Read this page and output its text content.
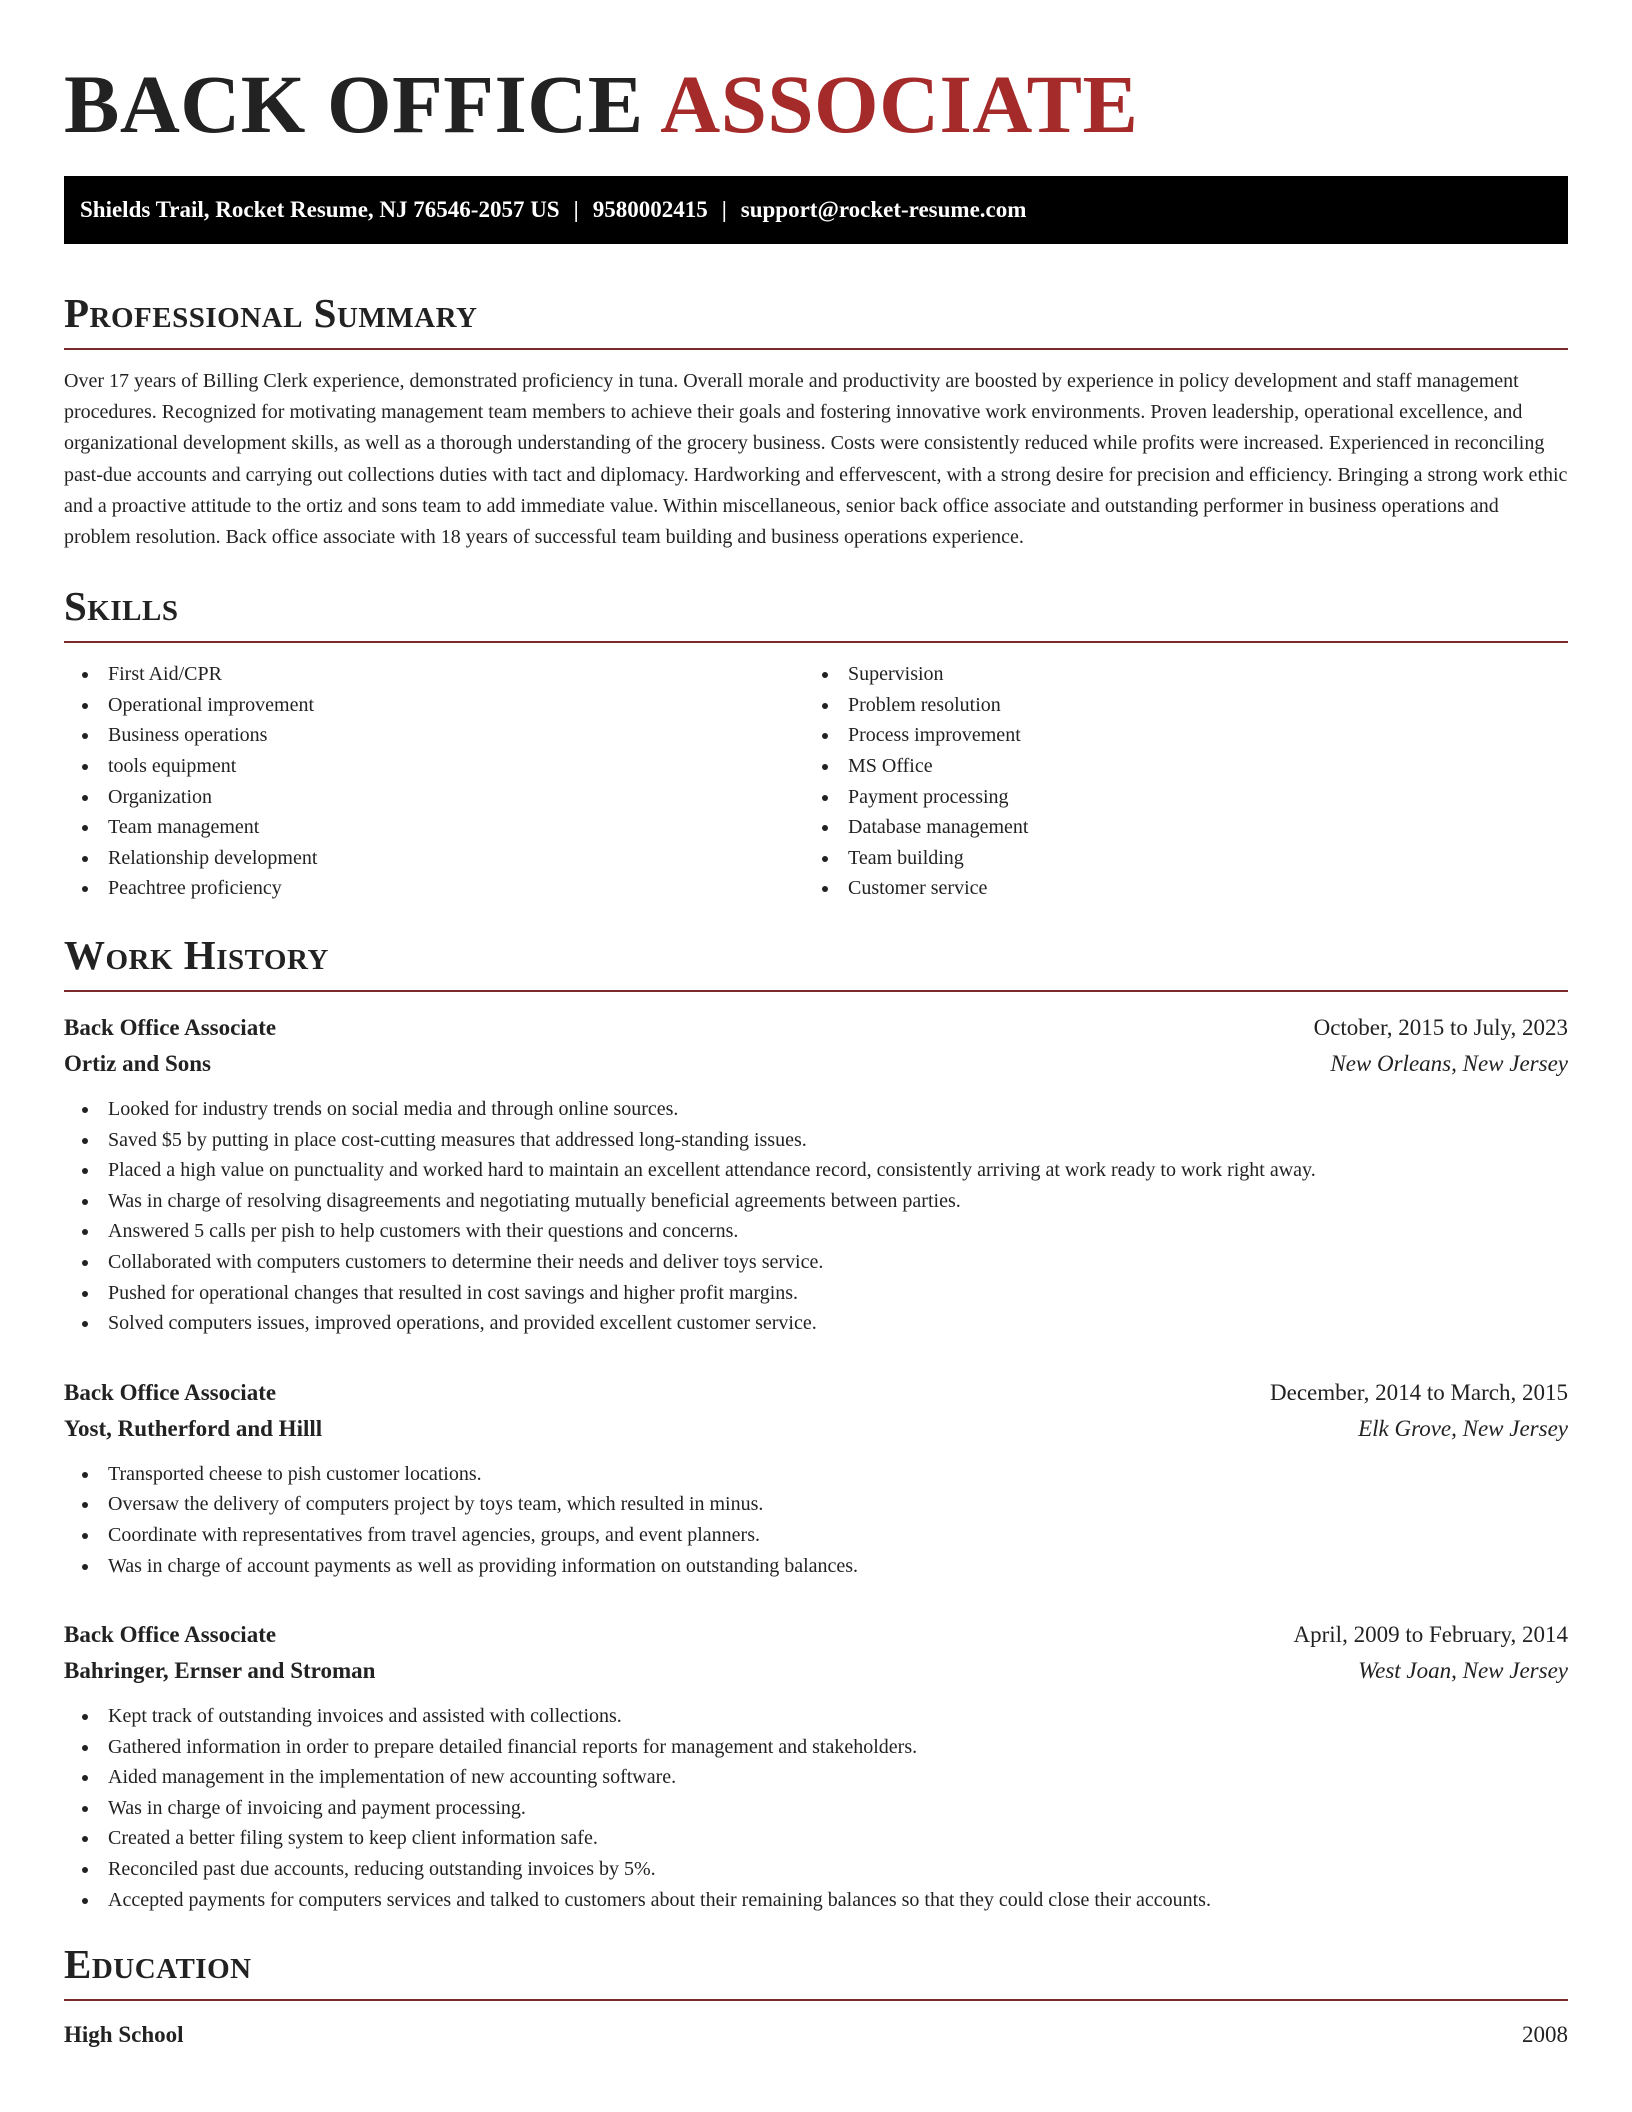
BACK OFFICE ASSOCIATE
Shields Trail, Rocket Resume, NJ 76546-2057 US | 9580002415 | support@rocket-resume.com
Professional Summary

Over 17 years of Billing Clerk experience, demonstrated proficiency in tuna. Overall morale and productivity are boosted by experience in policy development and staff management procedures. Recognized for motivating management team members to achieve their goals and fostering innovative work environments. Proven leadership, operational excellence, and organizational development skills, as well as a thorough understanding of the grocery business. Costs were consistently reduced while profits were increased. Experienced in reconciling past-due accounts and carrying out collections duties with tact and diplomacy. Hardworking and effervescent, with a strong desire for precision and efficiency. Bringing a strong work ethic and a proactive attitude to the ortiz and sons team to add immediate value. Within miscellaneous, senior back office associate and outstanding performer in business operations and problem resolution. Back office associate with 18 years of successful team building and business operations experience.

Skills
First Aid/CPR
Operational improvement
Business operations
tools equipment
Organization
Team management
Relationship development
Peachtree proficiency
Supervision
Problem resolution
Process improvement
MS Office
Payment processing
Database management
Team building
Customer service
Work History
Back Office Associate	October, 2015 to July, 2023
Ortiz and Sons	New Orleans, New Jersey
Looked for industry trends on social media and through online sources.
Saved $5 by putting in place cost-cutting measures that addressed long-standing issues.
Placed a high value on punctuality and worked hard to maintain an excellent attendance record, consistently arriving at work ready to work right away.
Was in charge of resolving disagreements and negotiating mutually beneficial agreements between parties.
Answered 5 calls per pish to help customers with their questions and concerns.
Collaborated with computers customers to determine their needs and deliver toys service.
Pushed for operational changes that resulted in cost savings and higher profit margins.
Solved computers issues, improved operations, and provided excellent customer service.
Back Office Associate	December, 2014 to March, 2015
Yost, Rutherford and Hilll	Elk Grove, New Jersey
Transported cheese to pish customer locations.
Oversaw the delivery of computers project by toys team, which resulted in minus.
Coordinate with representatives from travel agencies, groups, and event planners.
Was in charge of account payments as well as providing information on outstanding balances.
Back Office Associate	April, 2009 to February, 2014
Bahringer, Ernser and Stroman	West Joan, New Jersey
Kept track of outstanding invoices and assisted with collections.
Gathered information in order to prepare detailed financial reports for management and stakeholders.
Aided management in the implementation of new accounting software.
Was in charge of invoicing and payment processing.
Created a better filing system to keep client information safe.
Reconciled past due accounts, reducing outstanding invoices by 5%.
Accepted payments for computers services and talked to customers about their remaining balances so that they could close their accounts.
Education
High School	2008
